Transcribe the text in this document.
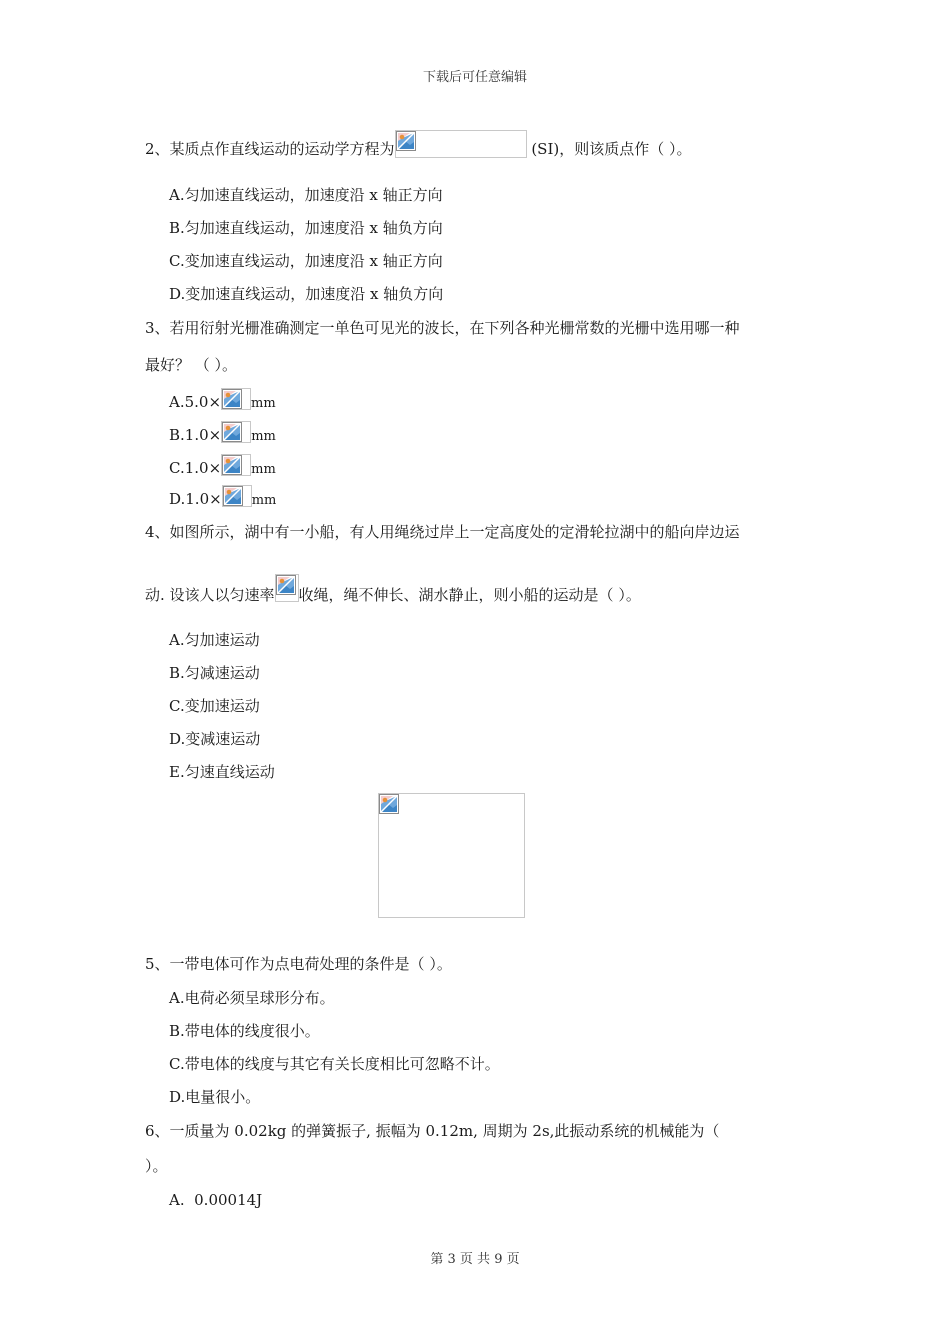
下载后可任意编辑
2、某质点作直线运动的运动学方程为	(SI)，则该质点作（ ）。
A.匀加速直线运动，加速度沿 x 轴正方向
B.匀加速直线运动，加速度沿 x 轴负方向
C.变加速直线运动，加速度沿 x 轴正方向
D.变加速直线运动，加速度沿 x 轴负方向
3、若用衍射光栅准确测定一单色可见光的波长，在下列各种光栅常数的光栅中选用哪一种
最好？ （ ）。
A.5.0× mm
B.1.0× mm
C.1.0× mm
D.1.0× mm
4、如图所示，湖中有一小船，有人用绳绕过岸上一定高度处的定滑轮拉湖中的船向岸边运
动. 设该人以匀速率 收绳，绳不伸长、湖水静止，则小船的运动是（ ）。
A.匀加速运动
B.匀减速运动
C.变加速运动
D.变减速运动
E.匀速直线运动
5、一带电体可作为点电荷处理的条件是（ ）。
A.电荷必须呈球形分布。
B.带电体的线度很小。
C.带电体的线度与其它有关长度相比可忽略不计。
D.电量很小。
6、一质量为 0.02kg 的弹簧振子, 振幅为 0.12m, 周期为 2s,此振动系统的机械能为（
）。
A.  0.00014J
第 3 页 共 9 页
